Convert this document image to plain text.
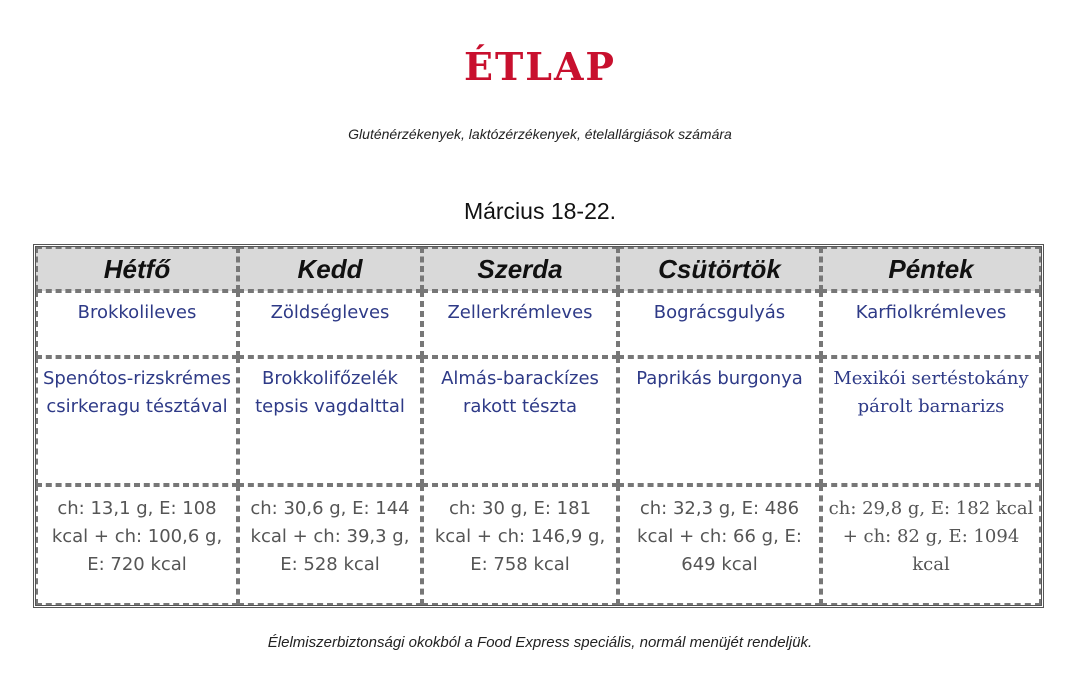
ÉTLAP
Gluténérzékenyek, laktózérzékenyek, ételallárgiások számára
Március 18-22.
Hétfő	Kedd	Szerda	Csütörtök	Péntek
Brokkolileves	Zöldségleves	Zellerkrémleves	Bográcsgulyás	Karfiolkrémleves
Spenótos-rizskrémes csirkeragu tésztával	Brokkolifőzelék tepsis vagdalttal	Almás-barackízes rakott tészta	Paprikás burgonya	Mexikói sertéstokány párolt barnarizs
ch: 13,1 g, E: 108 kcal + ch: 100,6 g, E: 720 kcal	ch: 30,6 g, E: 144 kcal + ch: 39,3 g, E: 528 kcal	ch: 30 g, E: 181 kcal + ch: 146,9 g, E: 758 kcal	ch: 32,3 g, E: 486 kcal + ch: 66 g, E: 649 kcal	ch: 29,8 g, E: 182 kcal + ch: 82 g, E: 1094 kcal
Élelmiszerbiztonsági okokból a Food Express speciális, normál menüjét rendeljük.
